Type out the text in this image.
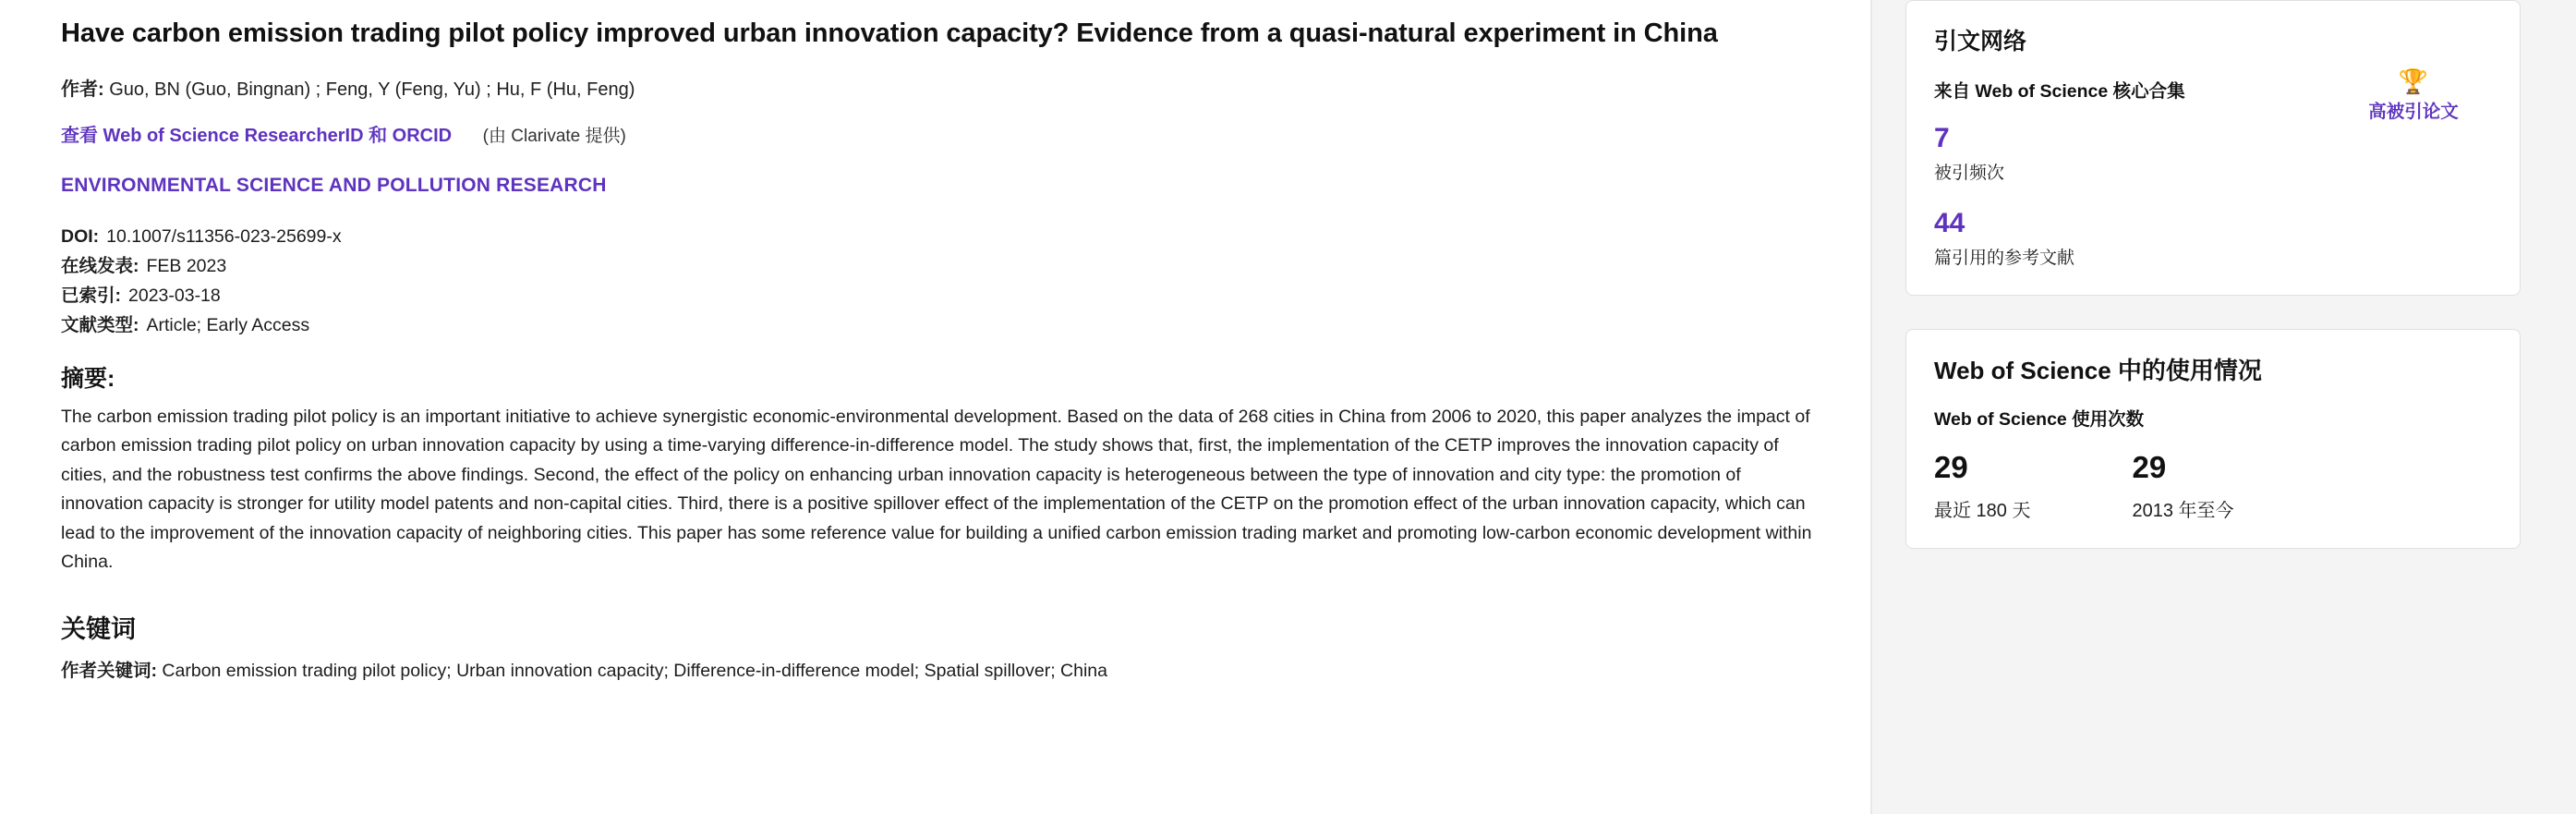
Have carbon emission trading pilot policy improved urban innovation capacity? Evidence from a quasi-natural experiment in China
作者: Guo, BN (Guo, Bingnan) ; Feng, Y (Feng, Yu) ; Hu, F (Hu, Feng)
查看 Web of Science ResearcherID 和 ORCID (由 Clarivate 提供)
ENVIRONMENTAL SCIENCE AND POLLUTION RESEARCH
DOI: 10.1007/s11356-023-25699-x
在线发表: FEB 2023
已索引: 2023-03-18
文献类型: Article; Early Access
摘要:
The carbon emission trading pilot policy is an important initiative to achieve synergistic economic-environmental development. Based on the data of 268 cities in China from 2006 to 2020, this paper analyzes the impact of carbon emission trading pilot policy on urban innovation capacity by using a time-varying difference-in-difference model. The study shows that, first, the implementation of the CETP improves the innovation capacity of cities, and the robustness test confirms the above findings. Second, the effect of the policy on enhancing urban innovation capacity is heterogeneous between the type of innovation and city type: the promotion of innovation capacity is stronger for utility model patents and non-capital cities. Third, there is a positive spillover effect of the implementation of the CETP on the promotion effect of the urban innovation capacity, which can lead to the improvement of the innovation capacity of neighboring cities. This paper has some reference value for building a unified carbon emission trading market and promoting low-carbon economic development within China.
关键词
作者关键词: Carbon emission trading pilot policy; Urban innovation capacity; Difference-in-difference model; Spatial spillover; China
引文网络
来自 Web of Science 核心合集
7
被引频次
🏆
高被引论文
44
篇引用的参考文献
Web of Science 中的使用情况
Web of Science 使用次数
29
最近 180 天
29
2013 年至今
